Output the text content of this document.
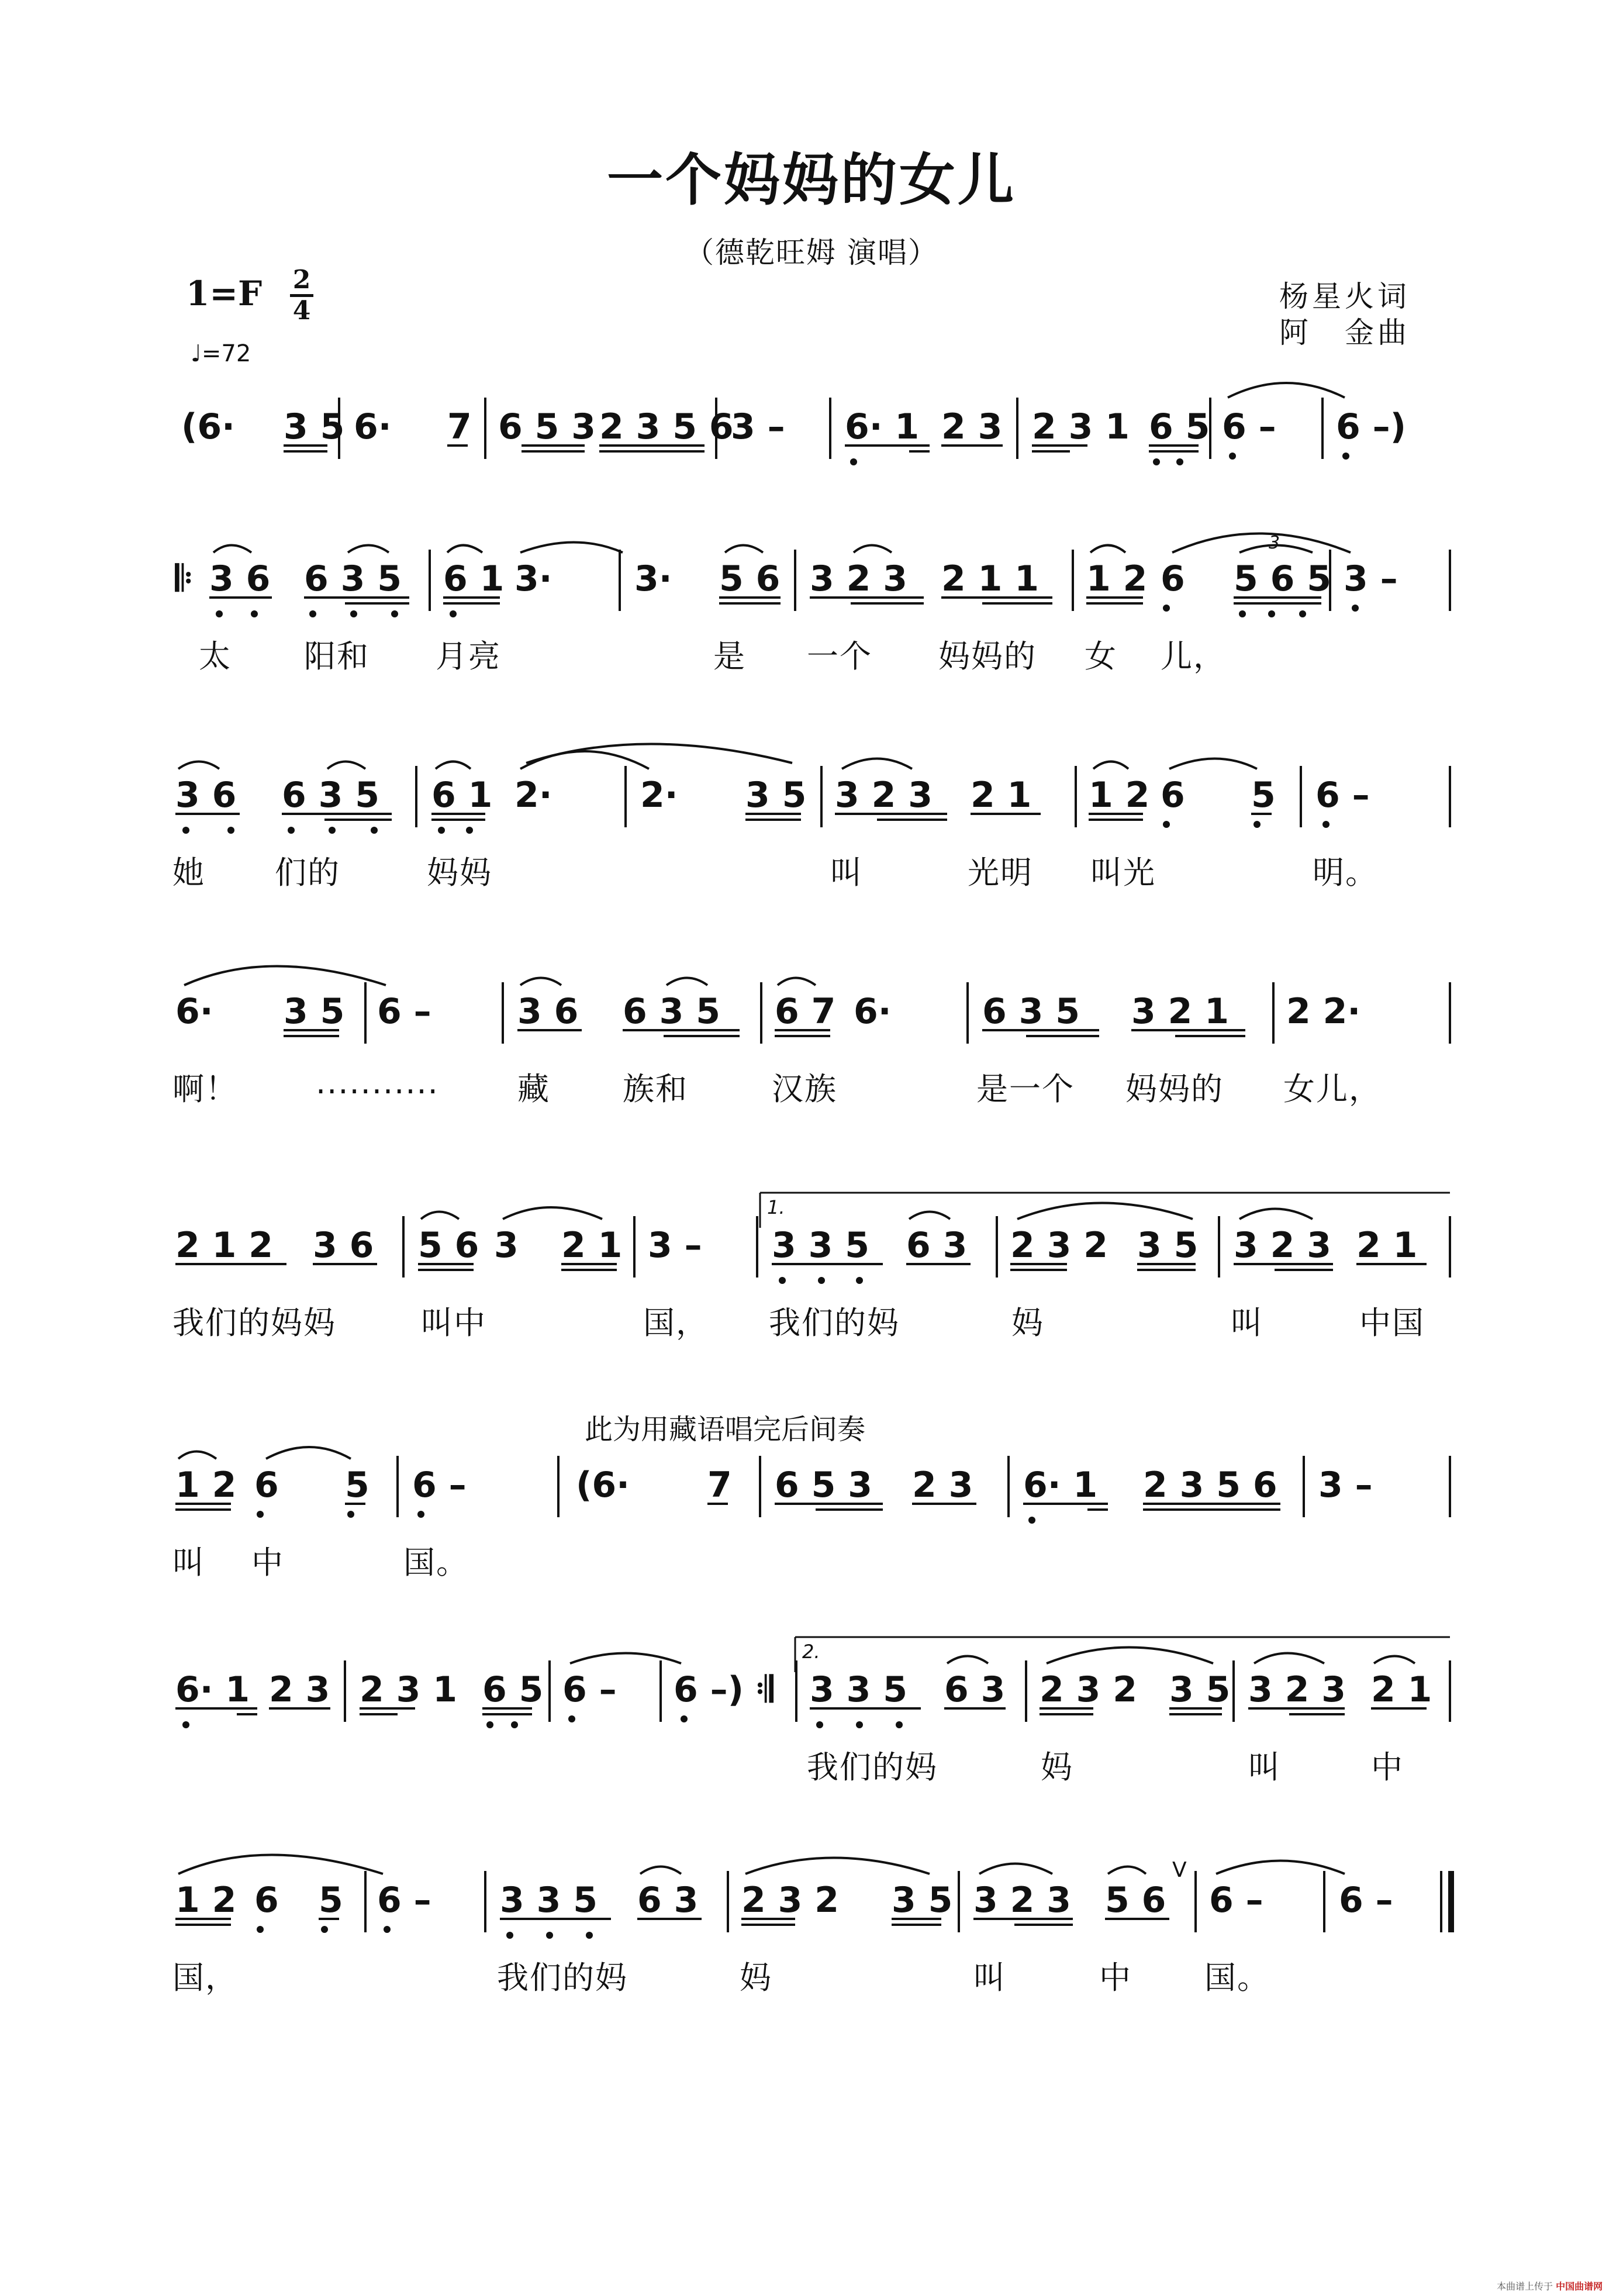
一个妈妈的女儿
（德乾旺姆 演唱）
1=F 2
4
♩=72
杨星火词
阿　金曲
(6· 3 5 6· 7 6 5 3 2 3 5 6
3 – 6· 1 2 3 2 3 1 6 5 6 – 6 –)
𝄆 3 6 6 3 5 6 1 3· 3· 5 6 3 2 3 2 1 1 1 2 6 5 6 5 3 –
3
太 阳和 月亮	是 一个 妈妈的 女 儿，
3 6 6 3 5 6 1 2·	2· 3 5 3 2 3 2 1 1 2 6 5 6 –
她 们的	妈妈	叫	光明 叫光	明。
6· 3 5 6 – 3 6 6 3 5 6 7 6·	6 3 5 3 2 1 2 2·
啊！ ........... 藏 族和	汉族	是一个 妈妈的 女儿，
1.
2 1 2 3 6 5 6 3 2 1 3 – 3 3 5 6 3 2 3 2 3 5 3 2 3 2 1
我们的妈妈	叫中	国， 我们的妈	妈	叫	中国
此为用藏语唱完后间奏
1 2 6 5 6 –	(6· 7 6 5 3 2 3 6· 1 2 3 5 6 3 –
叫 中	国。
2.
6· 1 2 3 2 3 1 6 5 6 – 6 –) 𝄇 3 3 5 6 3 2 3 2 3 5 3 2 3 2 1
我们的妈	妈	叫	中
1 2 6 5 6 – 3 3 5 6 3 2 3 2 3 5 3 2 3 5 6
V
6 – 6 –
国，	我们的妈	妈	叫	中 国。
本曲谱上传于 中国曲谱网
